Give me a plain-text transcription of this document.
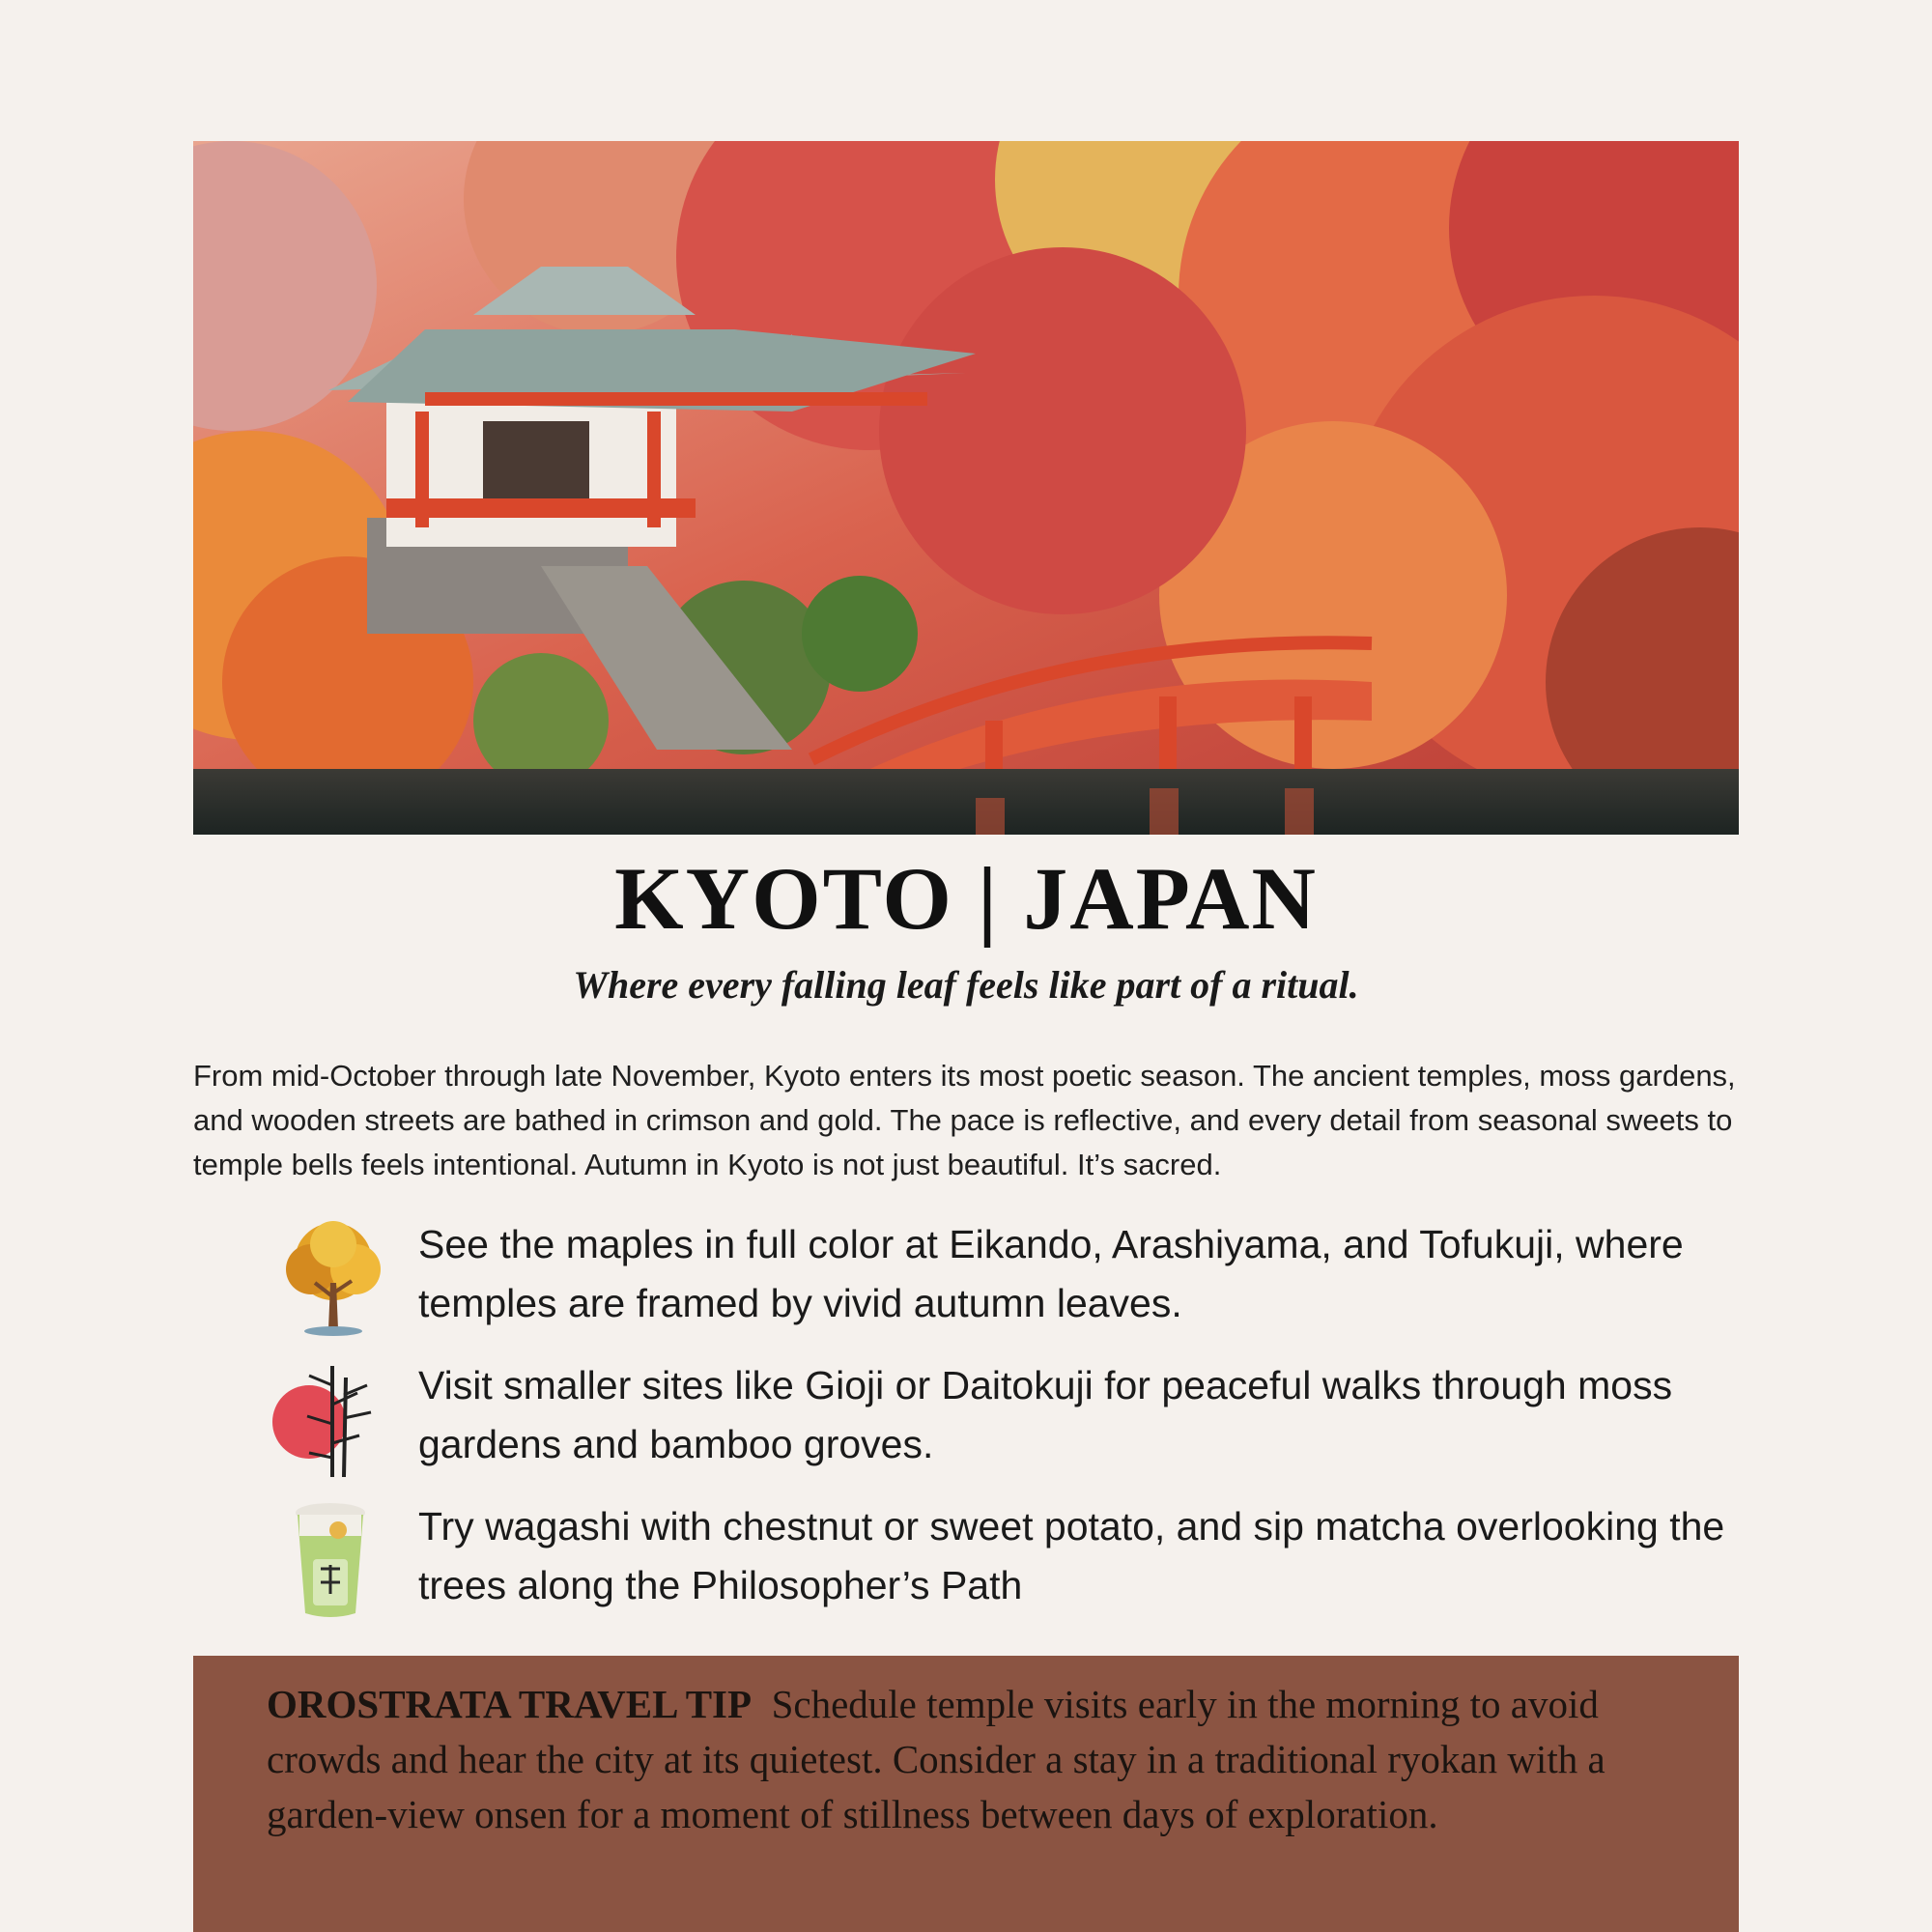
KYOTO | JAPAN
Where every falling leaf feels like part of a ritual.

From mid-October through late November, Kyoto enters its most poetic season. The ancient temples, moss gardens, and wooden streets are bathed in crimson and gold. The pace is reflective, and every detail from seasonal sweets to temple bells feels intentional. Autumn in Kyoto is not just beautiful. It’s sacred.

See the maples in full color at Eikando, Arashiyama, and Tofukuji, where temples are framed by vivid autumn leaves.
Visit smaller sites like Gioji or Daitokuji for peaceful walks through moss gardens and bamboo groves.
Try wagashi with chestnut or sweet potato, and sip matcha overlooking the trees along the Philosopher’s Path

OROSTRATA TRAVEL TIP Schedule temple visits early in the morning to avoid crowds and hear the city at its quietest. Consider a stay in a traditional ryokan with a garden-view onsen for a moment of stillness between days of exploration.
